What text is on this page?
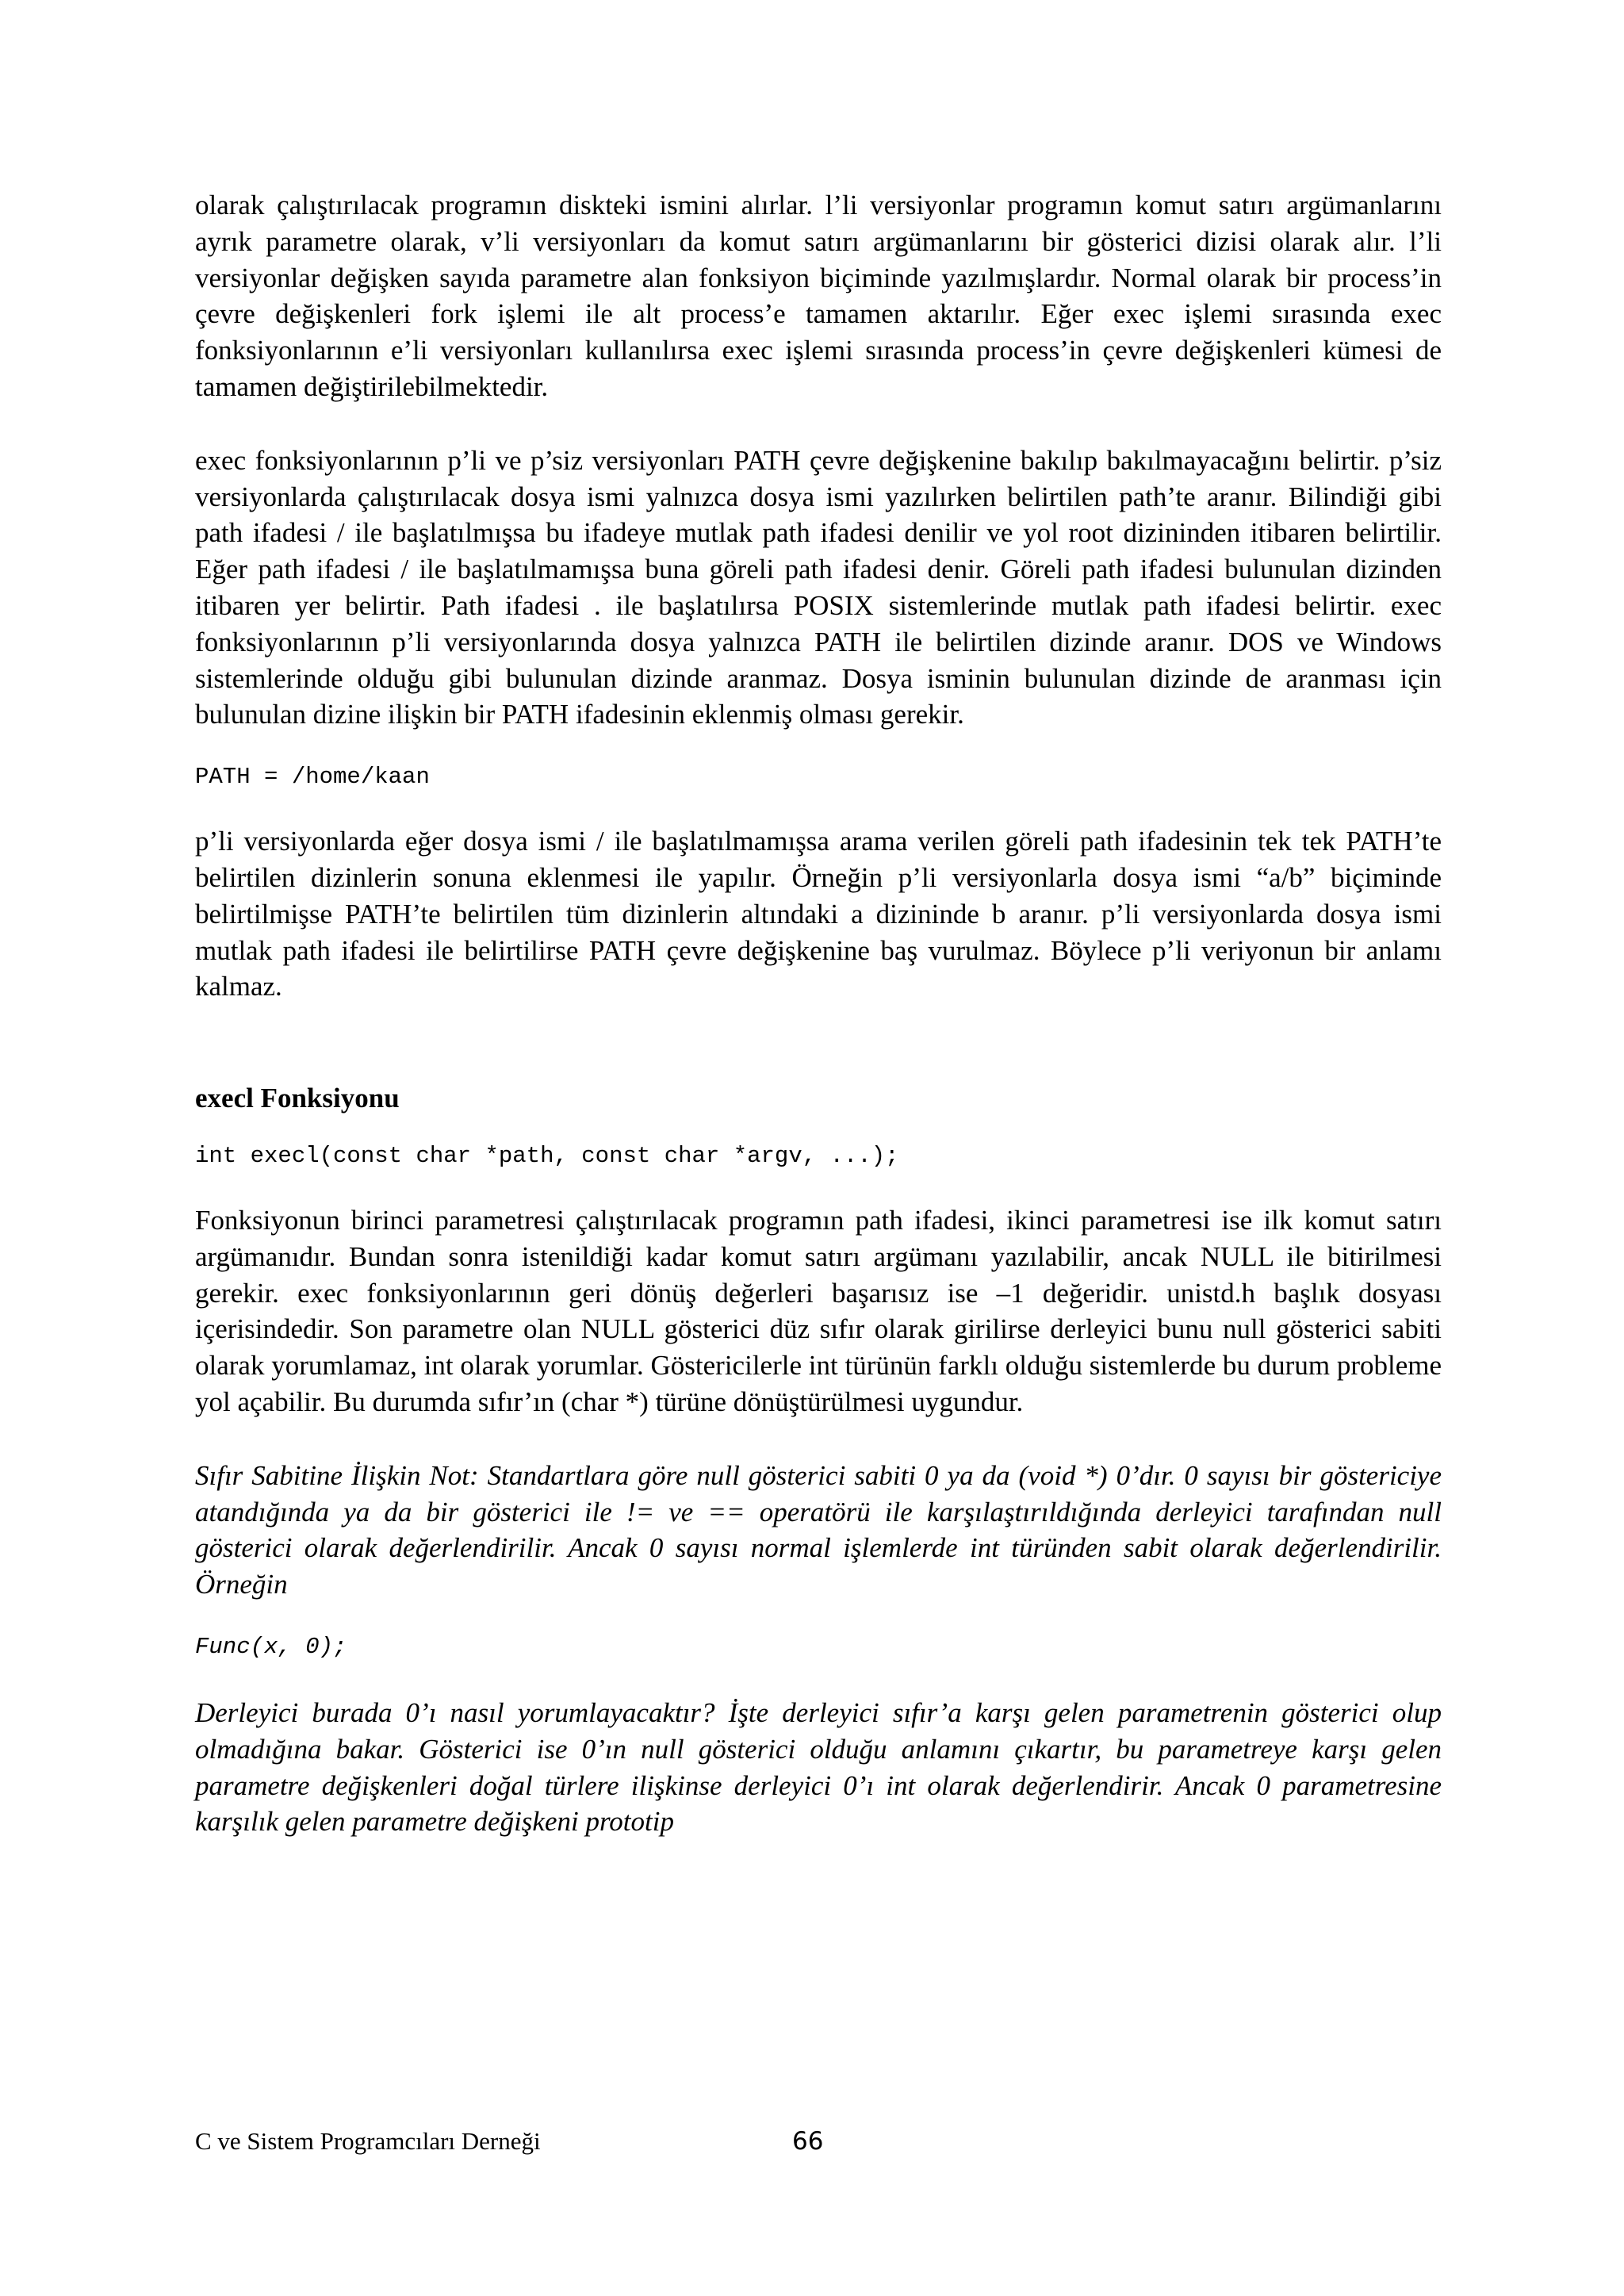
olarak çalıştırılacak programın diskteki ismini alırlar. l’li versiyonlar programın komut satırı argümanlarını ayrık parametre olarak, v’li versiyonları da komut satırı argümanlarını bir gösterici dizisi olarak alır. l’li versiyonlar değişken sayıda parametre alan fonksiyon biçiminde yazılmışlardır. Normal olarak bir process’in çevre değişkenleri fork işlemi ile alt process’e tamamen aktarılır. Eğer exec işlemi sırasında exec fonksiyonlarının e’li versiyonları kullanılırsa exec işlemi sırasında process’in çevre değişkenleri kümesi de tamamen değiştirilebilmektedir.

exec fonksiyonlarının p’li ve p’siz versiyonları PATH çevre değişkenine bakılıp bakılmayacağını belirtir. p’siz versiyonlarda çalıştırılacak dosya ismi yalnızca dosya ismi yazılırken belirtilen path’te aranır. Bilindiği gibi path ifadesi / ile başlatılmışsa bu ifadeye mutlak path ifadesi denilir ve yol root dizininden itibaren belirtilir. Eğer path ifadesi / ile başlatılmamışsa buna göreli path ifadesi denir. Göreli path ifadesi bulunulan dizinden itibaren yer belirtir. Path ifadesi . ile başlatılırsa POSIX sistemlerinde mutlak path ifadesi belirtir. exec fonksiyonlarının p’li versiyonlarında dosya yalnızca PATH ile belirtilen dizinde aranır. DOS ve Windows sistemlerinde olduğu gibi bulunulan dizinde aranmaz. Dosya isminin bulunulan dizinde de aranması için bulunulan dizine ilişkin bir PATH ifadesinin eklenmiş olması gerekir.

PATH = /home/kaan

p’li versiyonlarda eğer dosya ismi / ile başlatılmamışsa arama verilen göreli path ifadesinin tek tek PATH’te belirtilen dizinlerin sonuna eklenmesi ile yapılır. Örneğin p’li versiyonlarla dosya ismi “a/b” biçiminde belirtilmişse PATH’te belirtilen tüm dizinlerin altındaki a dizininde b aranır. p’li versiyonlarda dosya ismi mutlak path ifadesi ile belirtilirse PATH çevre değişkenine baş vurulmaz. Böylece p’li veriyonun bir anlamı kalmaz.

execl Fonksiyonu

int execl(const char *path, const char *argv, ...);

Fonksiyonun birinci parametresi çalıştırılacak programın path ifadesi, ikinci parametresi ise ilk komut satırı argümanıdır. Bundan sonra istenildiği kadar komut satırı argümanı yazılabilir, ancak NULL ile bitirilmesi gerekir. exec fonksiyonlarının geri dönüş değerleri başarısız ise –1 değeridir. unistd.h başlık dosyası içerisindedir. Son parametre olan NULL gösterici düz sıfır olarak girilirse derleyici bunu null gösterici sabiti olarak yorumlamaz, int olarak yorumlar. Göstericilerle int türünün farklı olduğu sistemlerde bu durum probleme yol açabilir. Bu durumda sıfır’ın (char *) türüne dönüştürülmesi uygundur.

Sıfır Sabitine İlişkin Not: Standartlara göre null gösterici sabiti 0 ya da (void *) 0’dır. 0 sayısı bir göstericiye atandığında ya da bir gösterici ile != ve == operatörü ile karşılaştırıldığında derleyici tarafından null gösterici olarak değerlendirilir. Ancak 0 sayısı normal işlemlerde int türünden sabit olarak değerlendirilir. Örneğin

Func(x, 0);

Derleyici burada 0’ı nasıl yorumlayacaktır? İşte derleyici sıfır’a karşı gelen parametrenin gösterici olup olmadığına bakar. Gösterici ise 0’ın null gösterici olduğu anlamını çıkartır, bu parametreye karşı gelen parametre değişkenleri doğal türlere ilişkinse derleyici 0’ı int olarak değerlendirir. Ancak 0 parametresine karşılık gelen parametre değişkeni prototip

C ve Sistem Programcıları Derneği	66
